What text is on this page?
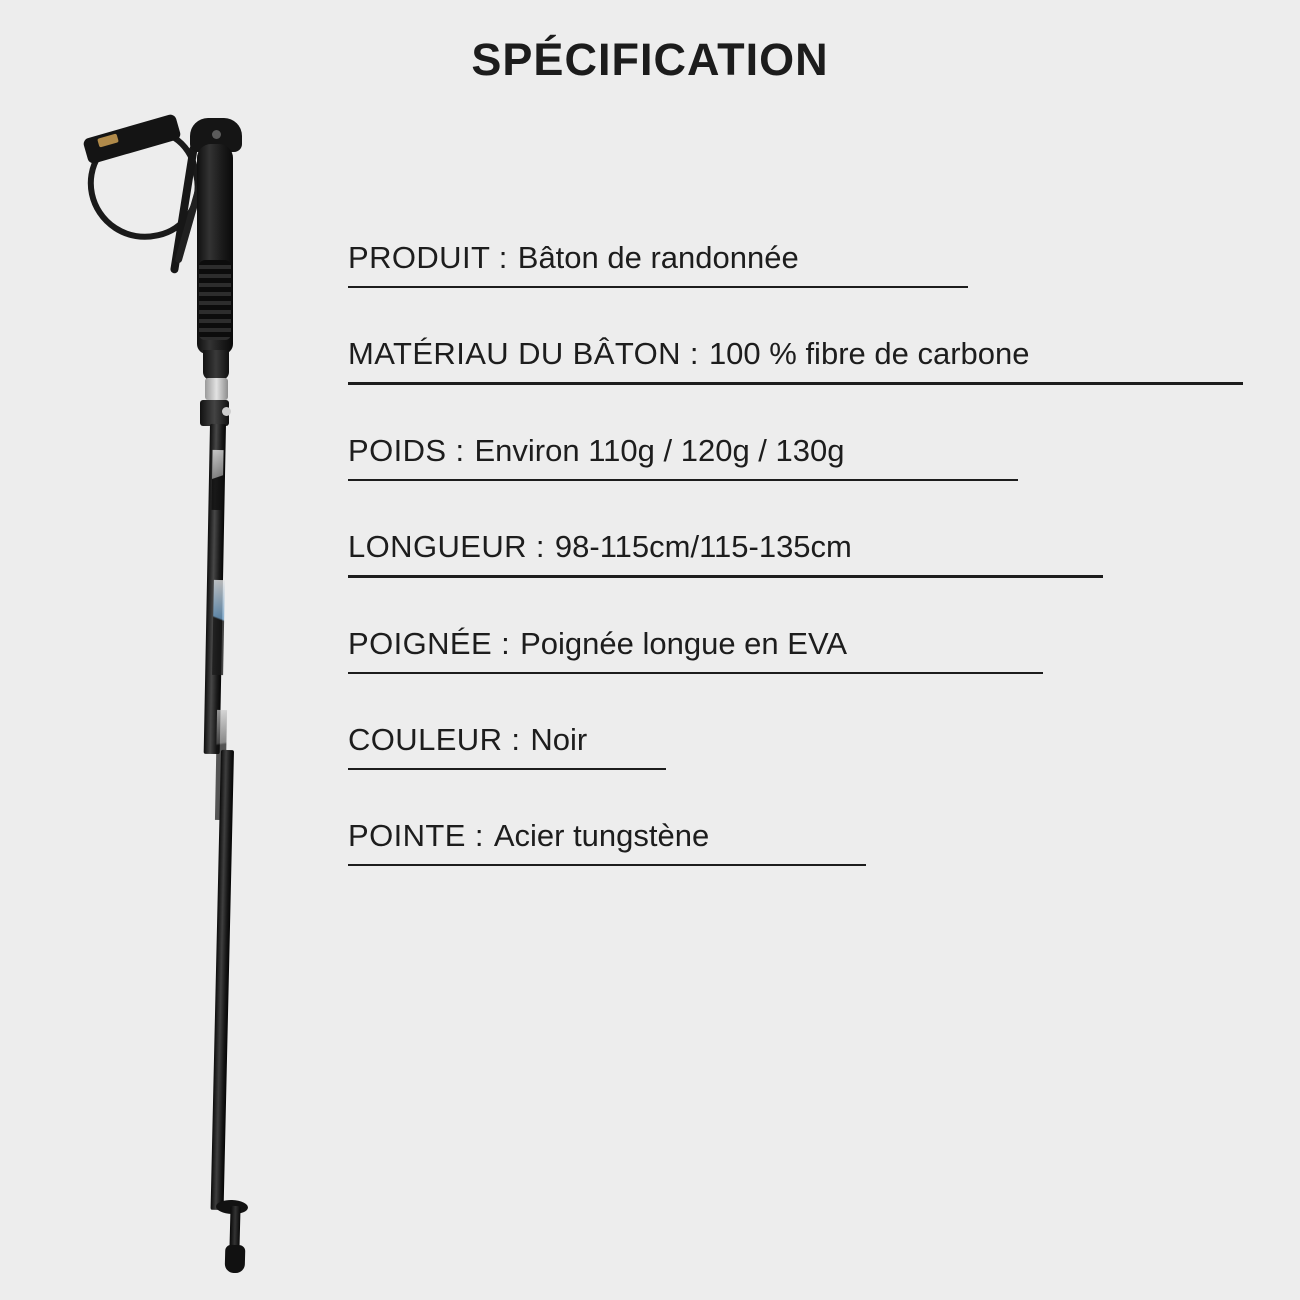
SPÉCIFICATION
PRODUIT : Bâton de randonnée
MATÉRIAU DU BÂTON : 100 % fibre de carbone
POIDS : Environ 110g / 120g / 130g
LONGUEUR : 98-115cm/115-135cm
POIGNÉE : Poignée longue en EVA
COULEUR : Noir
POINTE : Acier tungstène
